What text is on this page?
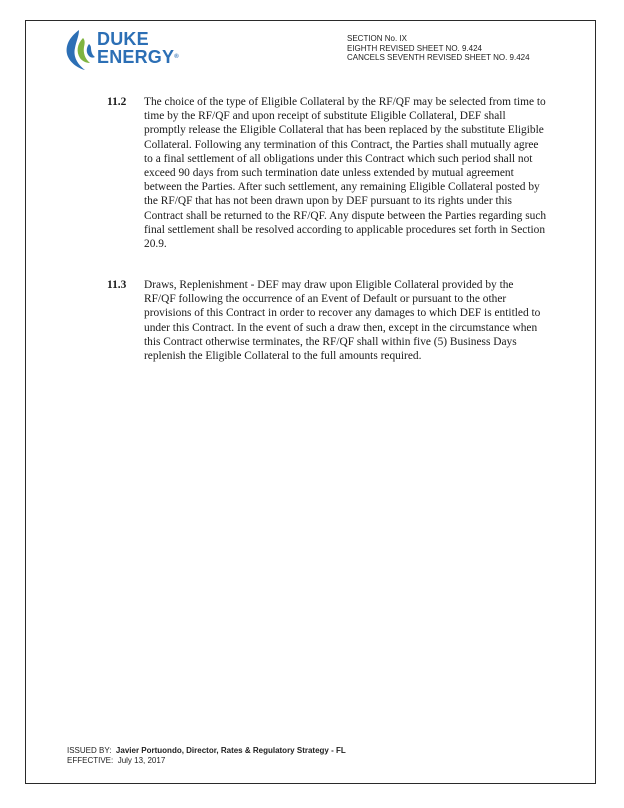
DUKE
ENERGY®
SECTION No. IX
EIGHTH REVISED SHEET NO. 9.424
CANCELS SEVENTH REVISED SHEET NO. 9.424
11.2 The choice of the type of Eligible Collateral by the RF/QF may be selected from time to time by the RF/QF and upon receipt of substitute Eligible Collateral, DEF shall promptly release the Eligible Collateral that has been replaced by the substitute Eligible Collateral. Following any termination of this Contract, the Parties shall mutually agree to a final settlement of all obligations under this Contract which such period shall not exceed 90 days from such termination date unless extended by mutual agreement between the Parties. After such settlement, any remaining Eligible Collateral posted by the RF/QF that has not been drawn upon by DEF pursuant to its rights under this Contract shall be returned to the RF/QF. Any dispute between the Parties regarding such final settlement shall be resolved according to applicable procedures set forth in Section 20.9.
11.3 Draws, Replenishment - DEF may draw upon Eligible Collateral provided by the RF/QF following the occurrence of an Event of Default or pursuant to the other provisions of this Contract in order to recover any damages to which DEF is entitled to under this Contract. In the event of such a draw then, except in the circumstance when this Contract otherwise terminates, the RF/QF shall within five (5) Business Days replenish the Eligible Collateral to the full amounts required.
ISSUED BY: Javier Portuondo, Director, Rates & Regulatory Strategy - FL
EFFECTIVE: July 13, 2017
